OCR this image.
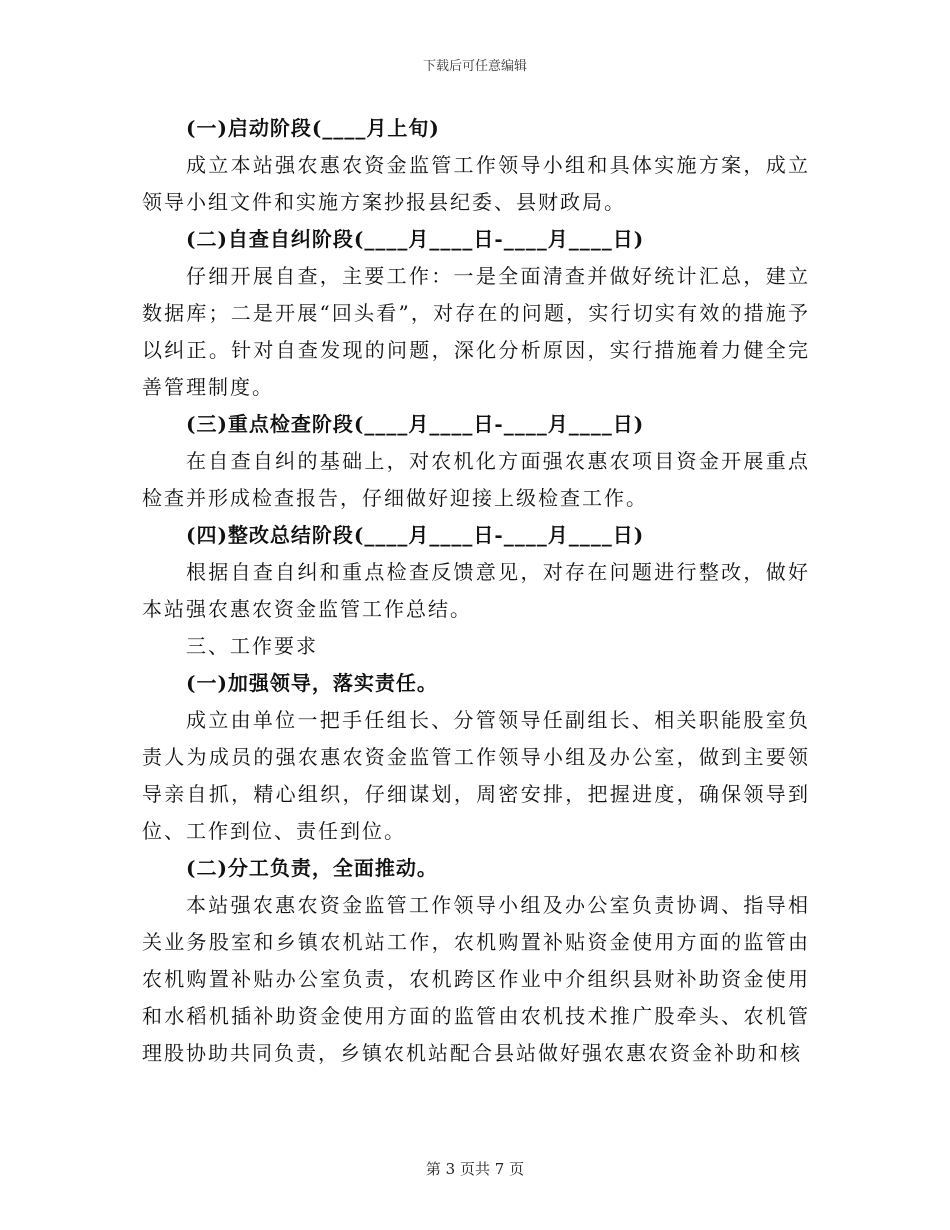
下载后可任意编辑

(一)启动阶段(____月上旬)

成立本站强农惠农资金监管工作领导小组和具体实施方案，成立领导小组文件和实施方案抄报县纪委、县财政局。

(二)自查自纠阶段(____月____日-____月____日)

仔细开展自查，主要工作：一是全面清查并做好统计汇总，建立数据库；二是开展“回头看”，对存在的问题，实行切实有效的措施予以纠正。针对自查发现的问题，深化分析原因，实行措施着力健全完善管理制度。

(三)重点检查阶段(____月____日-____月____日)

在自查自纠的基础上，对农机化方面强农惠农项目资金开展重点检查并形成检查报告，仔细做好迎接上级检查工作。

(四)整改总结阶段(____月____日-____月____日)

根据自查自纠和重点检查反馈意见，对存在问题进行整改，做好本站强农惠农资金监管工作总结。

三、工作要求

(一)加强领导，落实责任。

成立由单位一把手任组长、分管领导任副组长、相关职能股室负责人为成员的强农惠农资金监管工作领导小组及办公室，做到主要领导亲自抓，精心组织，仔细谋划，周密安排，把握进度，确保领导到位、工作到位、责任到位。

(二)分工负责，全面推动。

本站强农惠农资金监管工作领导小组及办公室负责协调、指导相关业务股室和乡镇农机站工作，农机购置补贴资金使用方面的监管由农机购置补贴办公室负责，农机跨区作业中介组织县财补助资金使用和水稻机插补助资金使用方面的监管由农机技术推广股牵头、农机管理股协助共同负责，乡镇农机站配合县站做好强农惠农资金补助和核

第 3 页共 7 页
